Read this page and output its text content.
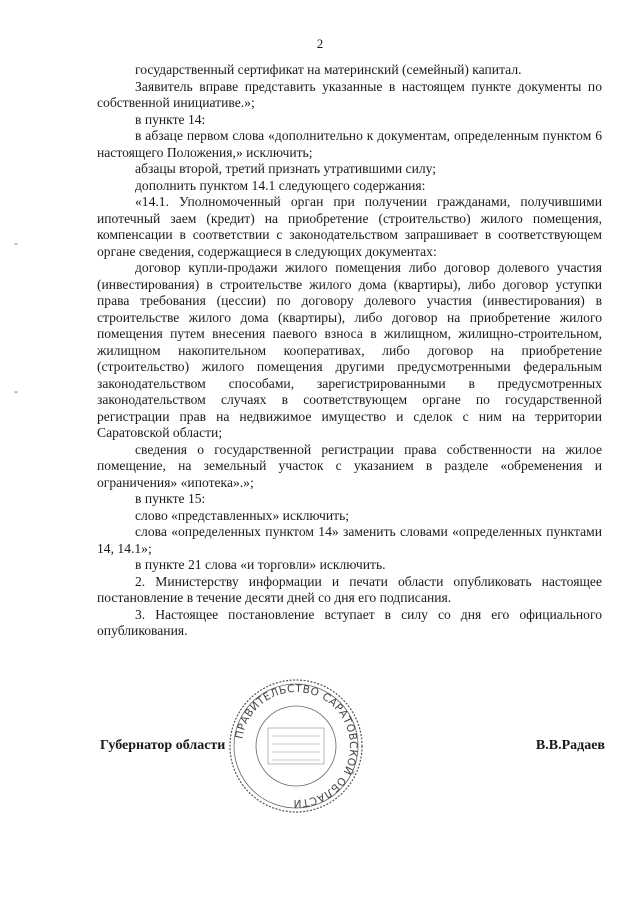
2
-
-

государственный сертификат на материнский (семейный) капитал.

Заявитель вправе представить указанные в настоящем пункте документы по собственной инициативе.»;

в пункте 14:

в абзаце первом слова «дополнительно к документам, определенным пунктом 6 настоящего Положения,» исключить;

абзацы второй, третий признать утратившими силу;

дополнить пунктом 14.1 следующего содержания:

«14.1. Уполномоченный орган при получении гражданами, получившими ипотечный заем (кредит) на приобретение (строительство) жилого помещения, компенсации в соответствии с законодательством запрашивает в соответствующем органе сведения, содержащиеся в следующих документах:

договор купли-продажи жилого помещения либо договор долевого участия (инвестирования) в строительстве жилого дома (квартиры), либо договор уступки права требования (цессии) по договору долевого участия (инвестирования) в строительстве жилого дома (квартиры), либо договор на приобретение жилого помещения путем внесения паевого взноса в жилищном, жилищно-строительном, жилищном накопительном кооперативах, либо договор на приобретение (строительство) жилого помещения другими предусмотренными федеральным законодательством способами, зарегистрированными в предусмотренных законодательством случаях в соответствующем органе по государственной регистрации прав на недвижимое имущество и сделок с ним на территории Саратовской области;

сведения о государственной регистрации права собственности на жилое помещение, на земельный участок с указанием в разделе «обременения и ограничения» «ипотека».»;

в пункте 15:

слово «представленных» исключить;

слова «определенных пунктом 14» заменить словами «определенных пунктами 14, 14.1»;

в пункте 21 слова «и торговли» исключить.

2. Министерству информации и печати области опубликовать настоящее постановление в течение десяти дней со дня его подписания.

3. Настоящее постановление вступает в силу со дня его официального опубликования.

ПРАВИТЕЛЬСТВО САРАТОВСКОЙ ОБЛАСТИ
Губернатор области	В.В.Радаев
